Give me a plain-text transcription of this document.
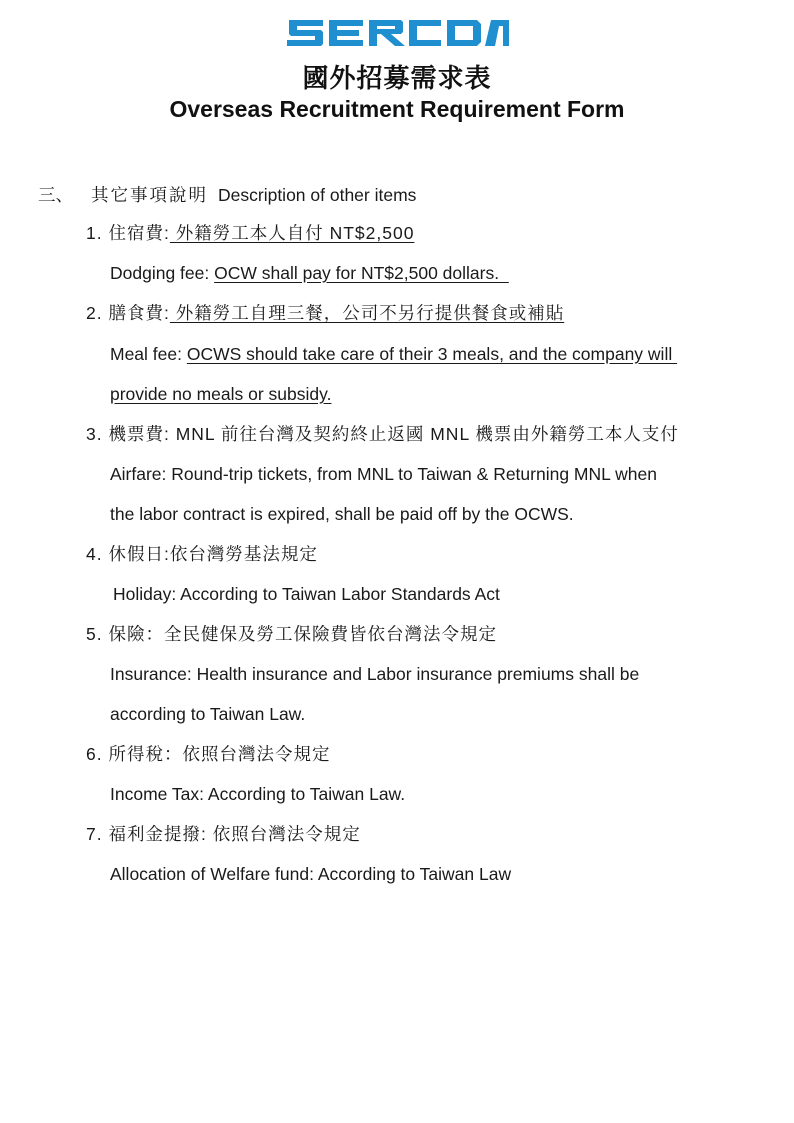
國外招募需求表
Overseas Recruitment Requirement Form
三、 其它事項說明 Description of other items
1. 住宿費: 外籍勞工本人自付 NT$2,500
Dodging fee: OCW shall pay for NT$2,500 dollars.
2. 膳食費: 外籍勞工自理三餐，公司不另行提供餐食或補貼
Meal fee: OCWS should take care of their 3 meals, and the company will
provide no meals or subsidy.
3. 機票費: MNL 前往台灣及契約終止返國 MNL 機票由外籍勞工本人支付
Airfare: Round-trip tickets, from MNL to Taiwan & Returning MNL when
the labor contract is expired, shall be paid off by the OCWS.
4. 休假日:依台灣勞基法規定
Holiday: According to Taiwan Labor Standards Act
5. 保險：全民健保及勞工保險費皆依台灣法令規定
Insurance: Health insurance and Labor insurance premiums shall be
according to Taiwan Law.
6. 所得稅：依照台灣法令規定
Income Tax: According to Taiwan Law.
7. 福利金提撥: 依照台灣法令規定
Allocation of Welfare fund: According to Taiwan Law
